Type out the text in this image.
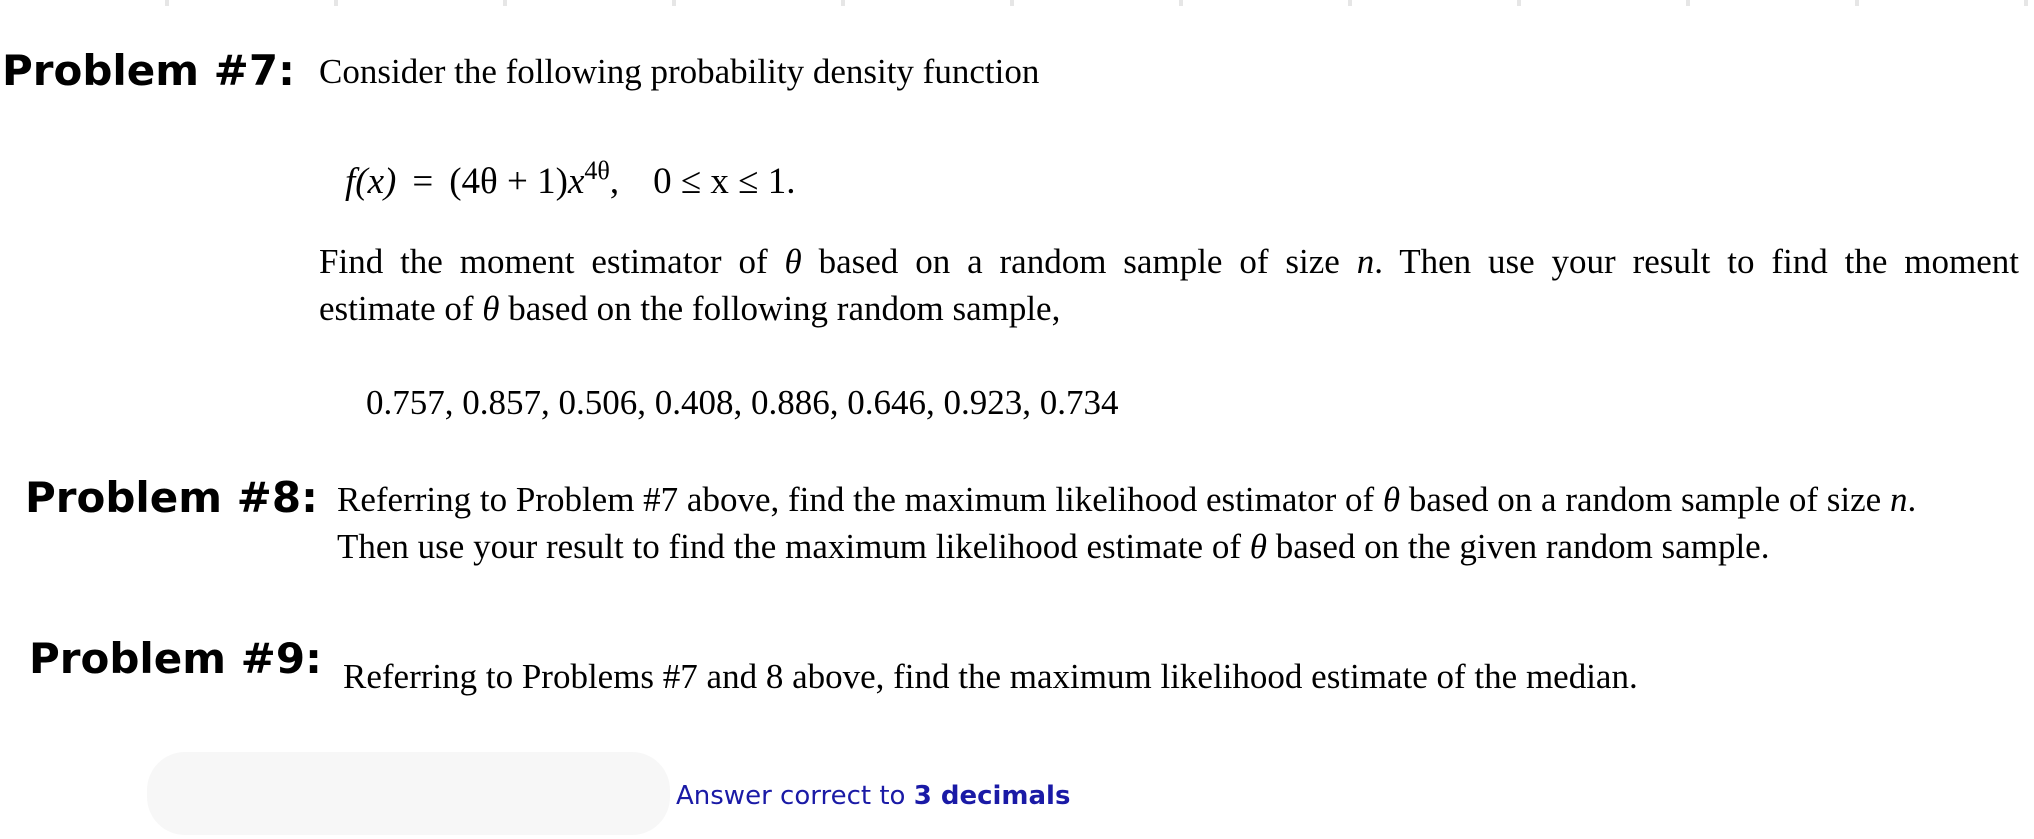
Problem #7: Consider the following probability density function
$f(x) = (4\theta + 1)x^{4\theta}$, 0 ≤ x ≤ 1.
Find the moment estimator of θ based on a random sample of size n. Then use your result to find the moment
estimate of θ based on the following random sample,
0.757, 0.857, 0.506, 0.408, 0.886, 0.646, 0.923, 0.734
Problem #8: Referring to Problem #7 above, find the maximum likelihood estimator of θ based on a random sample of size n.
Then use your result to find the maximum likelihood estimate of θ based on the given random sample.
Problem #9: Referring to Problems #7 and 8 above, find the maximum likelihood estimate of the median.
Answer correct to 3 decimals
